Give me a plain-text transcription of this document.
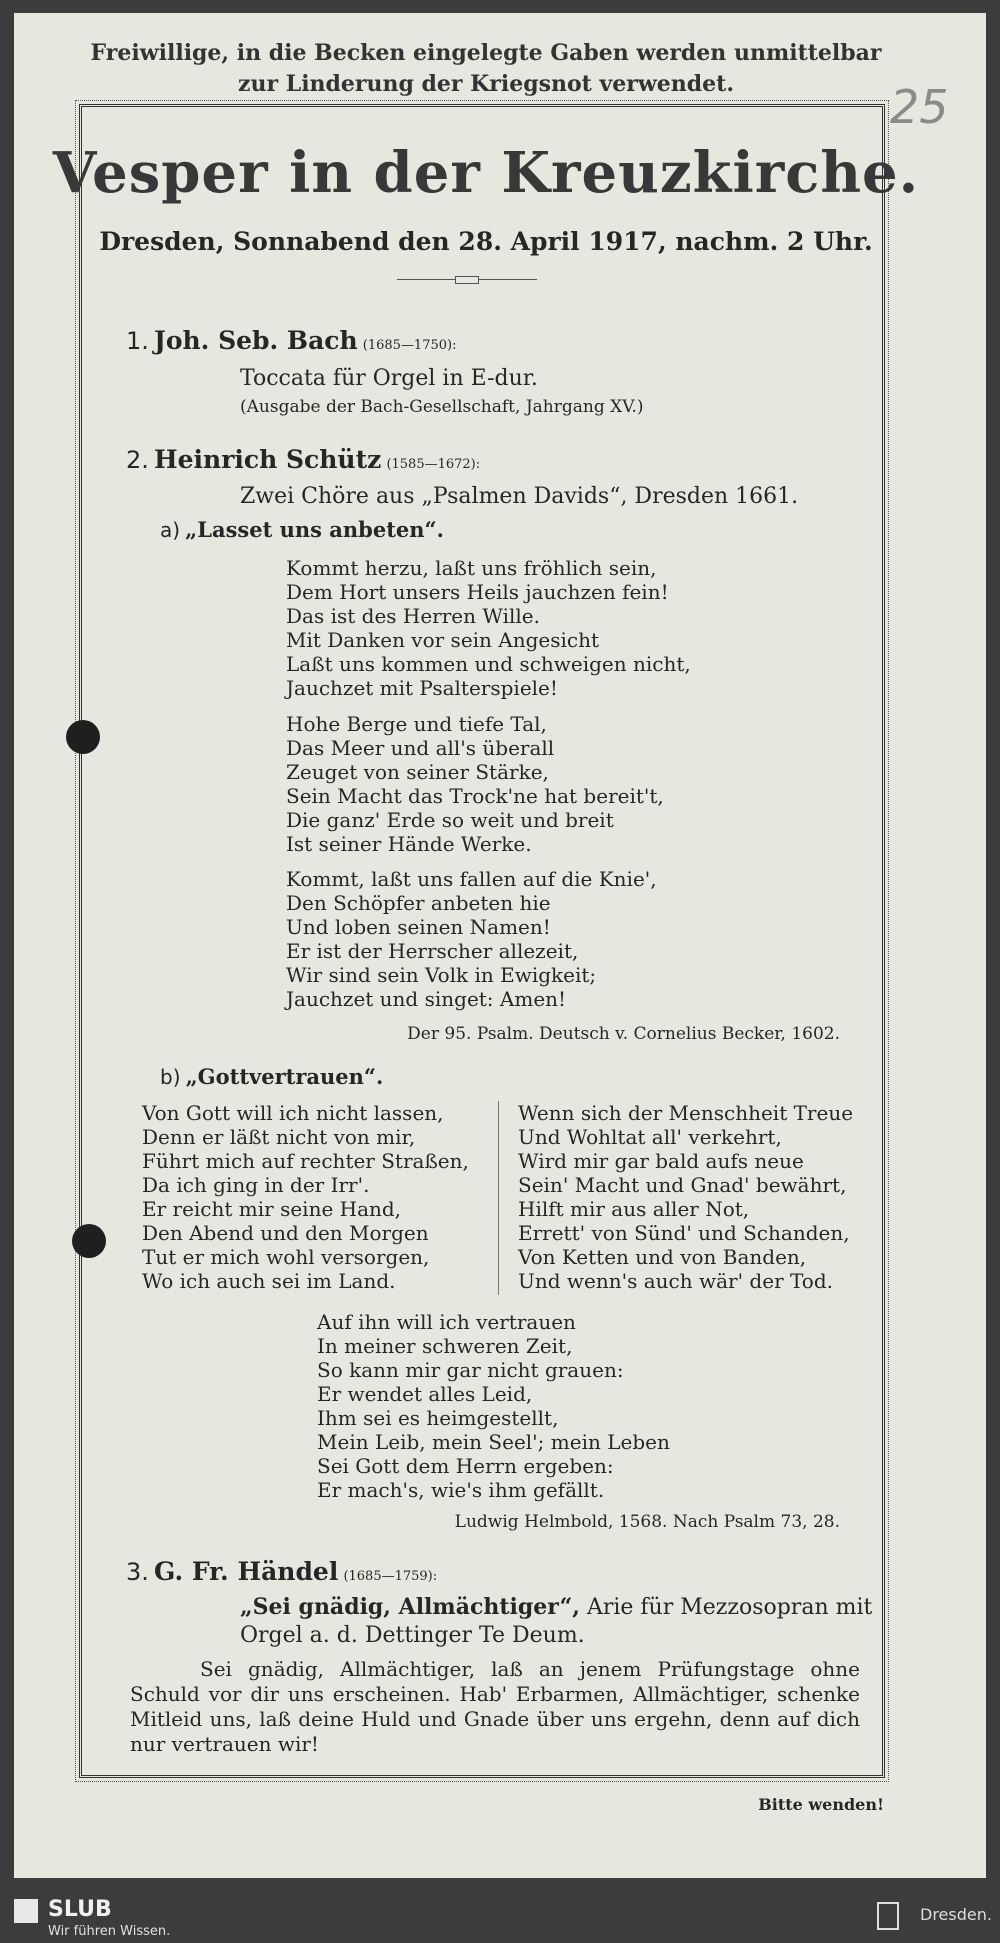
Freiwillige, in die Becken eingelegte Gaben werden unmittelbar
zur Linderung der Kriegsnot verwendet.	25
Vesper in der Kreuzkirche.
Dresden, Sonnabend den 28. April 1917, nachm. 2 Uhr.
1. Joh. Seb. Bach (1685—1750):
Toccata für Orgel in E-dur.
(Ausgabe der Bach-Gesellschaft, Jahrgang XV.)
2. Heinrich Schütz (1585—1672):
Zwei Chöre aus „Psalmen Davids“, Dresden 1661.
a) „Lasset uns anbeten“.
Kommt herzu, laßt uns fröhlich sein,
Dem Hort unsers Heils jauchzen fein!
Das ist des Herren Wille.
Mit Danken vor sein Angesicht
Laßt uns kommen und schweigen nicht,
Jauchzet mit Psalterspiele!
Hohe Berge und tiefe Tal,
Das Meer und all's überall
Zeuget von seiner Stärke,
Sein Macht das Trock'ne hat bereit't,
Die ganz' Erde so weit und breit
Ist seiner Hände Werke.
Kommt, laßt uns fallen auf die Knie',
Den Schöpfer anbeten hie
Und loben seinen Namen!
Er ist der Herrscher allezeit,
Wir sind sein Volk in Ewigkeit;
Jauchzet und singet: Amen!
Der 95. Psalm. Deutsch v. Cornelius Becker, 1602.
b) „Gottvertrauen“.
Von Gott will ich nicht lassen,
Denn er läßt nicht von mir,
Führt mich auf rechter Straßen,
Da ich ging in der Irr'.
Er reicht mir seine Hand,
Den Abend und den Morgen
Tut er mich wohl versorgen,
Wo ich auch sei im Land.
Wenn sich der Menschheit Treue
Und Wohltat all' verkehrt,
Wird mir gar bald aufs neue
Sein' Macht und Gnad' bewährt,
Hilft mir aus aller Not,
Errett' von Sünd' und Schanden,
Von Ketten und von Banden,
Und wenn's auch wär' der Tod.
Auf ihn will ich vertrauen
In meiner schweren Zeit,
So kann mir gar nicht grauen:
Er wendet alles Leid,
Ihm sei es heimgestellt,
Mein Leib, mein Seel'; mein Leben
Sei Gott dem Herrn ergeben:
Er mach's, wie's ihm gefällt.
Ludwig Helmbold, 1568. Nach Psalm 73, 28.
3. G. Fr. Händel (1685—1759):
„Sei gnädig, Allmächtiger“, Arie für Mezzosopran mit
Orgel a. d. Dettinger Te Deum.
Sei gnädig, Allmächtiger, laß an jenem Prüfungstage ohne Schuld vor dir uns erscheinen. Hab' Erbarmen, Allmächtiger, schenke Mitleid uns, laß deine Huld und Gnade über uns ergehn, denn auf dich nur vertrauen wir!
Bitte wenden!
SLUB
Wir führen Wissen.
Dresden.
